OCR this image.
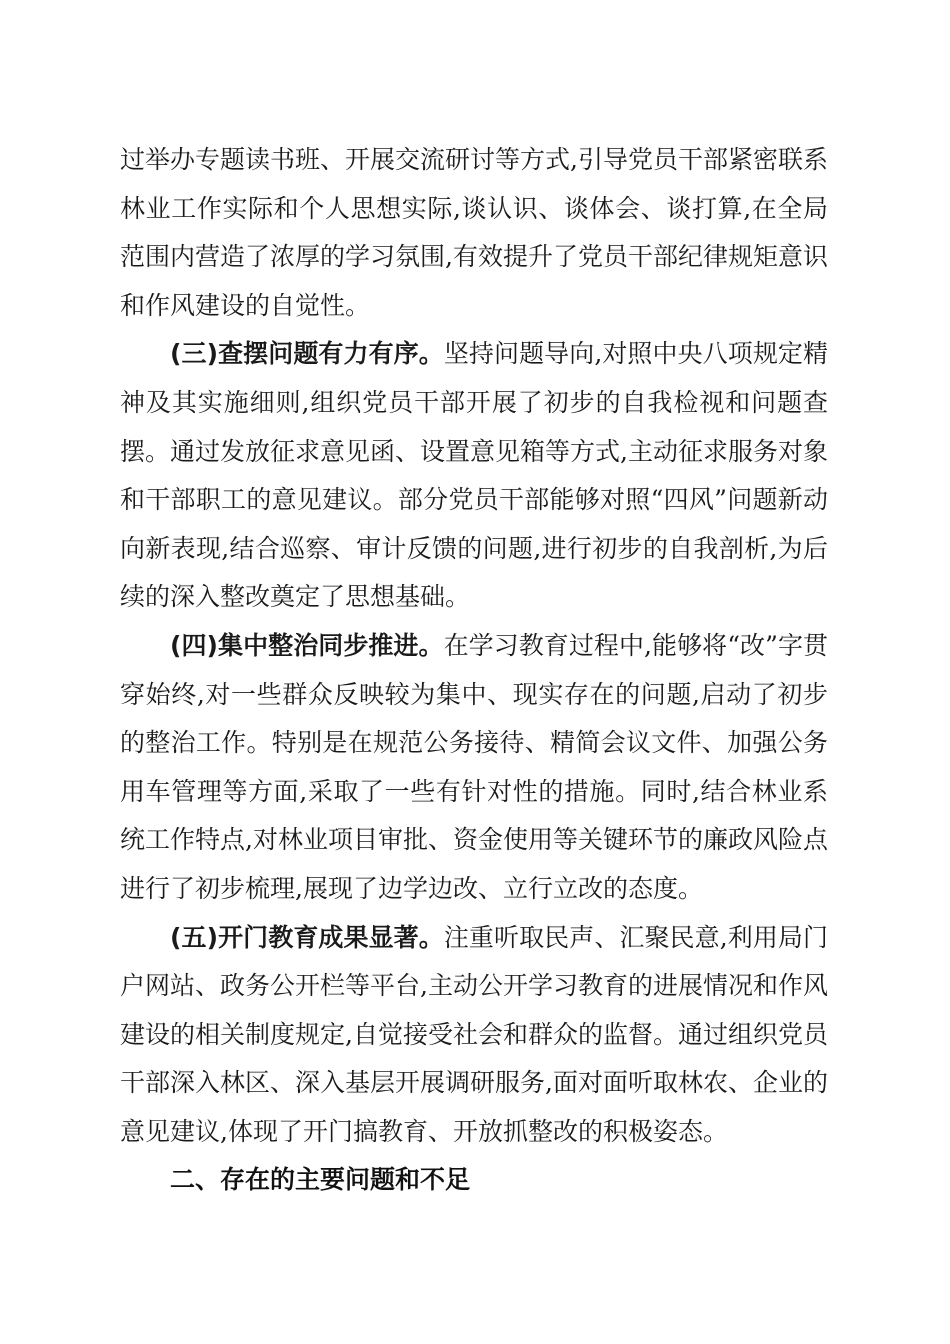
过举办专题读书班、开展交流研讨等方式,引导党员干部紧密联系林业工作实际和个人思想实际,谈认识、谈体会、谈打算,在全局范围内营造了浓厚的学习氛围,有效提升了党员干部纪律规矩意识和作风建设的自觉性。

(三)查摆问题有力有序。坚持问题导向,对照中央八项规定精神及其实施细则,组织党员干部开展了初步的自我检视和问题查摆。通过发放征求意见函、设置意见箱等方式,主动征求服务对象和干部职工的意见建议。部分党员干部能够对照“四风”问题新动向新表现,结合巡察、审计反馈的问题,进行初步的自我剖析,为后续的深入整改奠定了思想基础。

(四)集中整治同步推进。在学习教育过程中,能够将“改”字贯穿始终,对一些群众反映较为集中、现实存在的问题,启动了初步的整治工作。特别是在规范公务接待、精简会议文件、加强公务用车管理等方面,采取了一些有针对性的措施。同时,结合林业系统工作特点,对林业项目审批、资金使用等关键环节的廉政风险点进行了初步梳理,展现了边学边改、立行立改的态度。

(五)开门教育成果显著。注重听取民声、汇聚民意,利用局门户网站、政务公开栏等平台,主动公开学习教育的进展情况和作风建设的相关制度规定,自觉接受社会和群众的监督。通过组织党员干部深入林区、深入基层开展调研服务,面对面听取林农、企业的意见建议,体现了开门搞教育、开放抓整改的积极姿态。

二、存在的主要问题和不足
